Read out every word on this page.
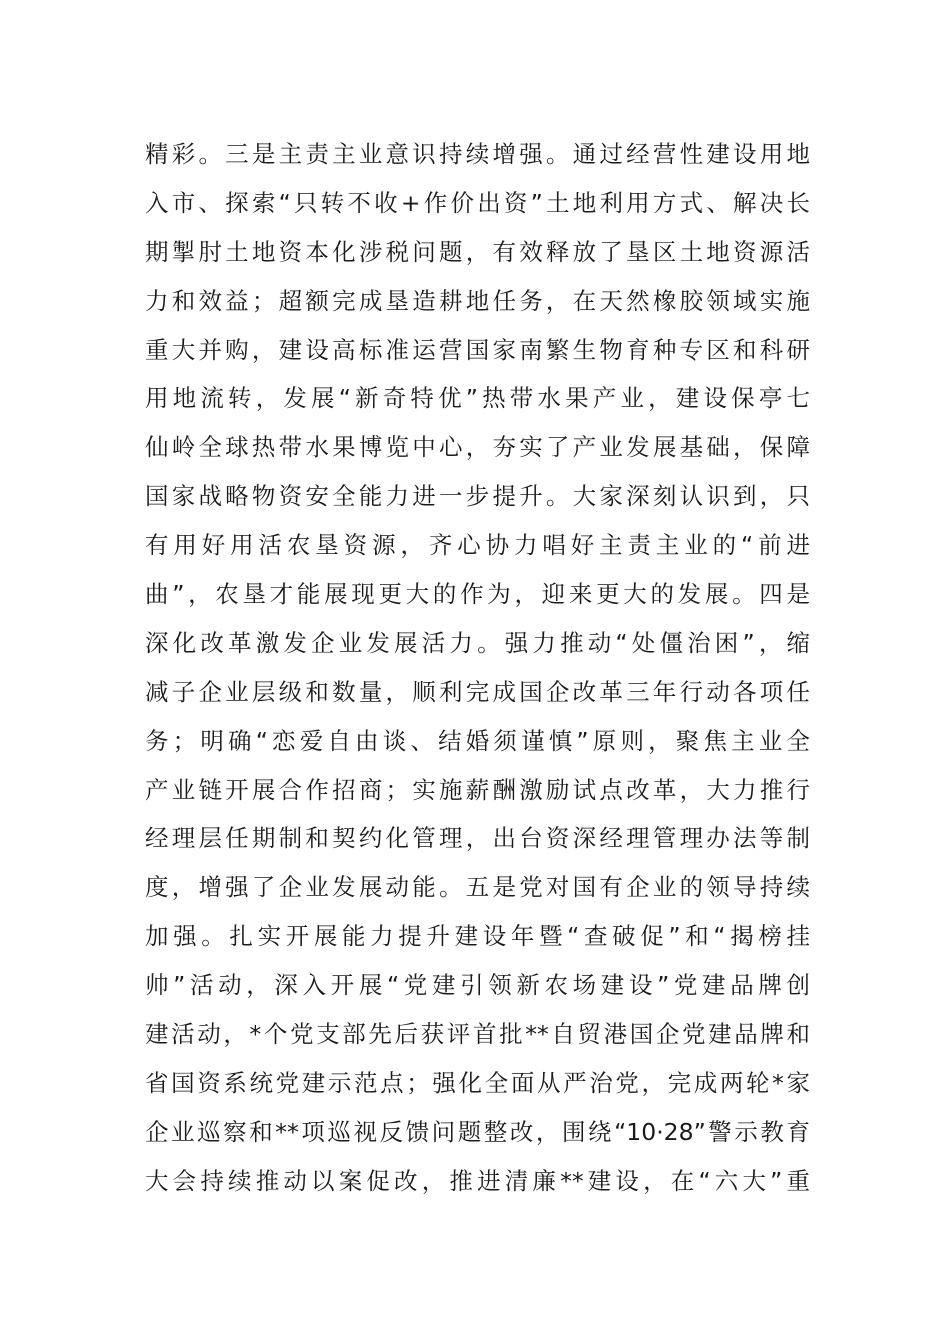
精彩。三是主责主业意识持续增强。通过经营性建设用地
入市、探索“只转不收+作价出资”土地利用方式、解决长
期掣肘土地资本化涉税问题，有效释放了垦区土地资源活
力和效益；超额完成垦造耕地任务，在天然橡胶领域实施
重大并购，建设高标准运营国家南繁生物育种专区和科研
用地流转，发展“新奇特优”热带水果产业，建设保亭七
仙岭全球热带水果博览中心，夯实了产业发展基础，保障
国家战略物资安全能力进一步提升。大家深刻认识到，只
有用好用活农垦资源，齐心协力唱好主责主业的“前进
曲”，农垦才能展现更大的作为，迎来更大的发展。四是
深化改革激发企业发展活力。强力推动“处僵治困”，缩
减子企业层级和数量，顺利完成国企改革三年行动各项任
务；明确“恋爱自由谈、结婚须谨慎”原则，聚焦主业全
产业链开展合作招商；实施薪酬激励试点改革，大力推行
经理层任期制和契约化管理，出台资深经理管理办法等制
度，增强了企业发展动能。五是党对国有企业的领导持续
加强。扎实开展能力提升建设年暨“查破促”和“揭榜挂
帅”活动，深入开展“党建引领新农场建设”党建品牌创
建活动，*个党支部先后获评首批**自贸港国企党建品牌和
省国资系统党建示范点；强化全面从严治党，完成两轮*家
企业巡察和**项巡视反馈问题整改，围绕“10·28”警示教育
大会持续推动以案促改，推进清廉**建设，在“六大”重
